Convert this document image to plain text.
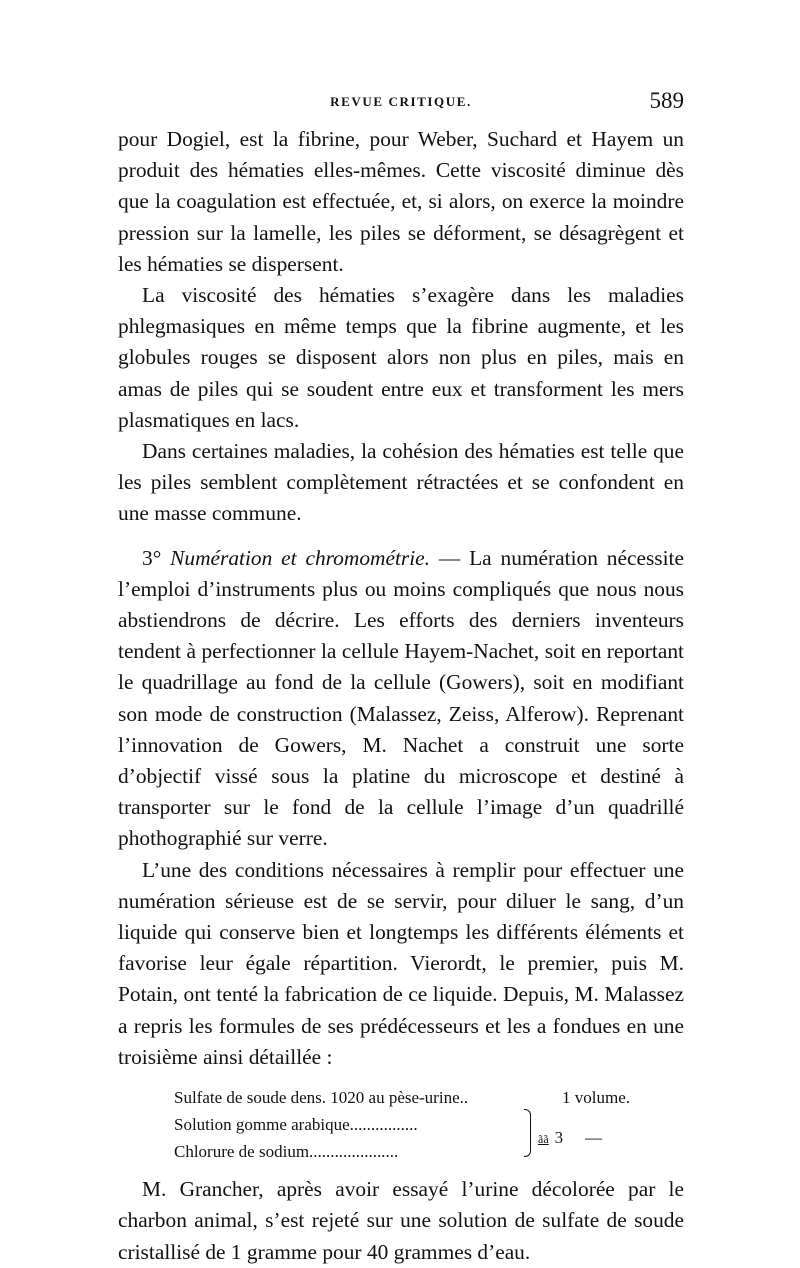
REVUE CRITIQUE.	589

pour Dogiel, est la fibrine, pour Weber, Suchard et Hayem un produit des hématies elles-mêmes. Cette viscosité diminue dès que la coagulation est effectuée, et, si alors, on exerce la moindre pression sur la lamelle, les piles se déforment, se désagrègent et les hématies se dispersent.

La viscosité des hématies s’exagère dans les maladies phlegmasiques en même temps que la fibrine augmente, et les globules rouges se disposent alors non plus en piles, mais en amas de piles qui se soudent entre eux et transforment les mers plasmatiques en lacs.

Dans certaines maladies, la cohésion des hématies est telle que les piles semblent complètement rétractées et se confondent en une masse commune.

3° Numération et chromométrie. — La numération nécessite l’emploi d’instruments plus ou moins compliqués que nous nous abstiendrons de décrire. Les efforts des derniers inventeurs tendent à perfectionner la cellule Hayem-Nachet, soit en reportant le quadrillage au fond de la cellule (Gowers), soit en modifiant son mode de construction (Malassez, Zeiss, Alferow). Reprenant l’innovation de Gowers, M. Nachet a construit une sorte d’objectif vissé sous la platine du microscope et destiné à transporter sur le fond de la cellule l’image d’un quadrillé phothographié sur verre.

L’une des conditions nécessaires à remplir pour effectuer une numération sérieuse est de se servir, pour diluer le sang, d’un liquide qui conserve bien et longtemps les différents éléments et favorise leur égale répartition. Vierordt, le premier, puis M. Potain, ont tenté la fabrication de ce liquide. Depuis, M. Malassez a repris les formules de ses prédécesseurs et les a fondues en une troisième ainsi détaillée :

Sulfate de soude dens. 1020 au pèse-urine..	1 volume.
Solution gomme arabique................
Chlorure de sodium.....................
ãã 3 —

M. Grancher, après avoir essayé l’urine décolorée par le charbon animal, s’est rejeté sur une solution de sulfate de soude cristallisé de 1 gramme pour 40 grammes d’eau.
